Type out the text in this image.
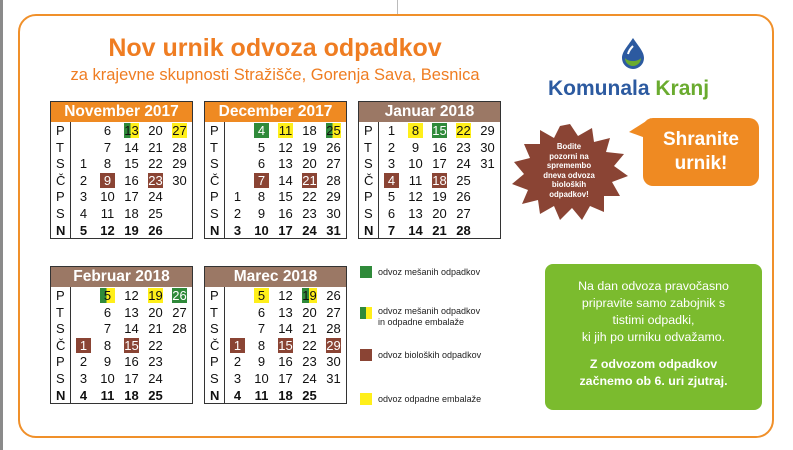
Nov urnik odvoza odpadkov
za krajevne skupnosti Stražišče, Gorenja Sava, Besnica
November 2017
P	6 13 20 27
T	7 14 21 28
S 1 8 15 22 29
Č 2 9 16 23 30
P 3 10 17 24
S 4 11 18 25
N 5 12 19 26
December 2017
P	4 11 18 25
T	5 12 19 26
S	6 13 20 27
Č	7 14 21 28
P 1 8 15 22 29
S 2 9 16 23 30
N 3 10 17 24 31
Januar 2018
P 1 8 15 22 29
T	2 9 16 23 30
S 3 10 17 24 31
Č 4 11 18 25
P 5 12 19 26
S 6 13 20 27
N 7 14 21 28
Februar 2018
P	5 12 19 26
T	6 13 20 27
S	7 14 21 28
Č 1 8 15 22
P 2 9 16 23
S 3 10 17 24
N 4 11 18 25
Marec 2018
P	5 12 19 26
T	6 13 20 27
S	7 14 21 28
Č 1 8 15 22 29
P 2 9 16 23 30
S 3 10 17 24 31
N 4 11 18 25
odvoz mešanih odpadkov
odvoz mešanih odpadkov
in odpadne embalaže
odvoz bioloških odpadkov
odvoz odpadne embalaže
Komunala Kranj
Shranite
urnik!
Bodite
pozorni na
spremembo
dneva odvoza
bioloških
odpadkov!
Na dan odvoza pravočasno
pripravite samo zabojnik s
tistimi odpadki,
ki jih po urniku odvažamo.
Z odvozom odpadkov
začnemo ob 6. uri zjutraj.
